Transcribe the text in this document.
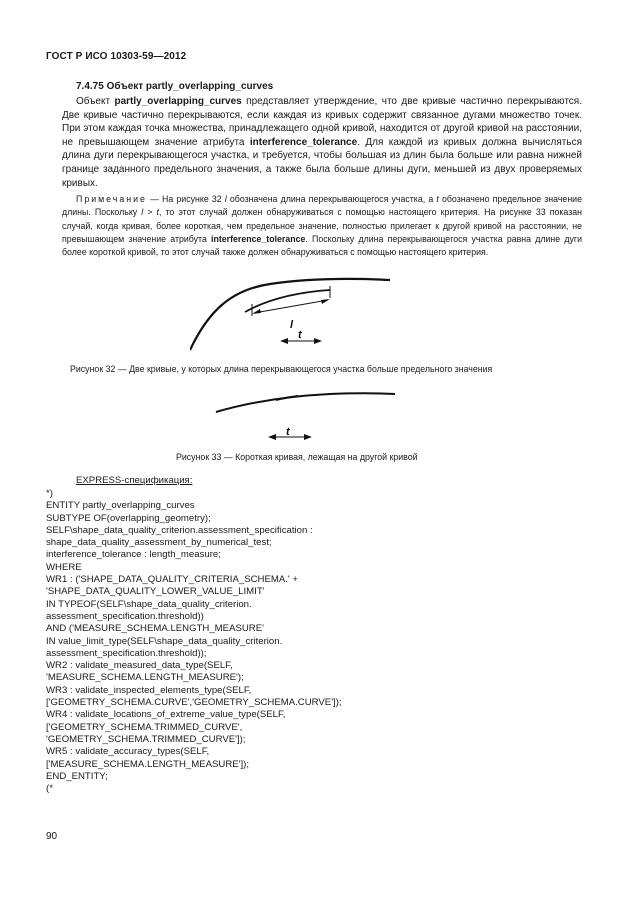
ГОСТ Р ИСО 10303-59—2012
7.4.75 Объект partly_overlapping_curves
Объект partly_overlapping_curves представляет утверждение, что две кривые частично перекрываются. Две кривые частично перекрываются, если каждая из кривых содержит связанное дугами множество точек. При этом каждая точка множества, принадлежащего одной кривой, находится от другой кривой на расстоянии, не превышающем значение атрибута interference_tolerance. Для каждой из кривых должна вычисляться длина дуги перекрывающегося участка, и требуется, чтобы большая из длин была больше или равна нижней границе заданного предельного значения, а также была больше длины дуги, меньшей из двух проверяемых кривых.
Примечание — На рисунке 32 l обозначена длина перекрывающегося участка, а t обозначено предельное значение длины. Поскольку l > t, то этот случай должен обнаруживаться с помощью настоящего критерия. На рисунке 33 показан случай, когда кривая, более короткая, чем предельное значение, полностью прилегает к другой кривой на расстоянии, не превышающем значение атрибута interference_tolerance. Поскольку длина перекрывающегося участка равна длине дуги более короткой кривой, то этот случай также должен обнаруживаться с помощью настоящего критерия.
l
t
Рисунок 32 — Две кривые, у которых длина перекрывающегося участка больше предельного значения
t
Рисунок 33 — Короткая кривая, лежащая на другой кривой
EXPRESS-спецификация:
*)
ENTITY partly_overlapping_curves
SUBTYPE OF(overlapping_geometry);
SELF\shape_data_quality_criterion.assessment_specification :
shape_data_quality_assessment_by_numerical_test;
interference_tolerance : length_measure;
WHERE
WR1 : ('SHAPE_DATA_QUALITY_CRITERIA_SCHEMA.' +
'SHAPE_DATA_QUALITY_LOWER_VALUE_LIMIT'
IN TYPEOF(SELF\shape_data_quality_criterion.
assessment_specification.threshold))
AND ('MEASURE_SCHEMA.LENGTH_MEASURE'
IN value_limit_type(SELF\shape_data_quality_criterion.
assessment_specification.threshold));
WR2 : validate_measured_data_type(SELF,
'MEASURE_SCHEMA.LENGTH_MEASURE');
WR3 : validate_inspected_elements_type(SELF,
['GEOMETRY_SCHEMA.CURVE','GEOMETRY_SCHEMA.CURVE']);
WR4 : validate_locations_of_extreme_value_type(SELF,
['GEOMETRY_SCHEMA.TRIMMED_CURVE',
'GEOMETRY_SCHEMA.TRIMMED_CURVE']);
WR5 : validate_accuracy_types(SELF,
['MEASURE_SCHEMA.LENGTH_MEASURE']);
END_ENTITY;
(*
90
